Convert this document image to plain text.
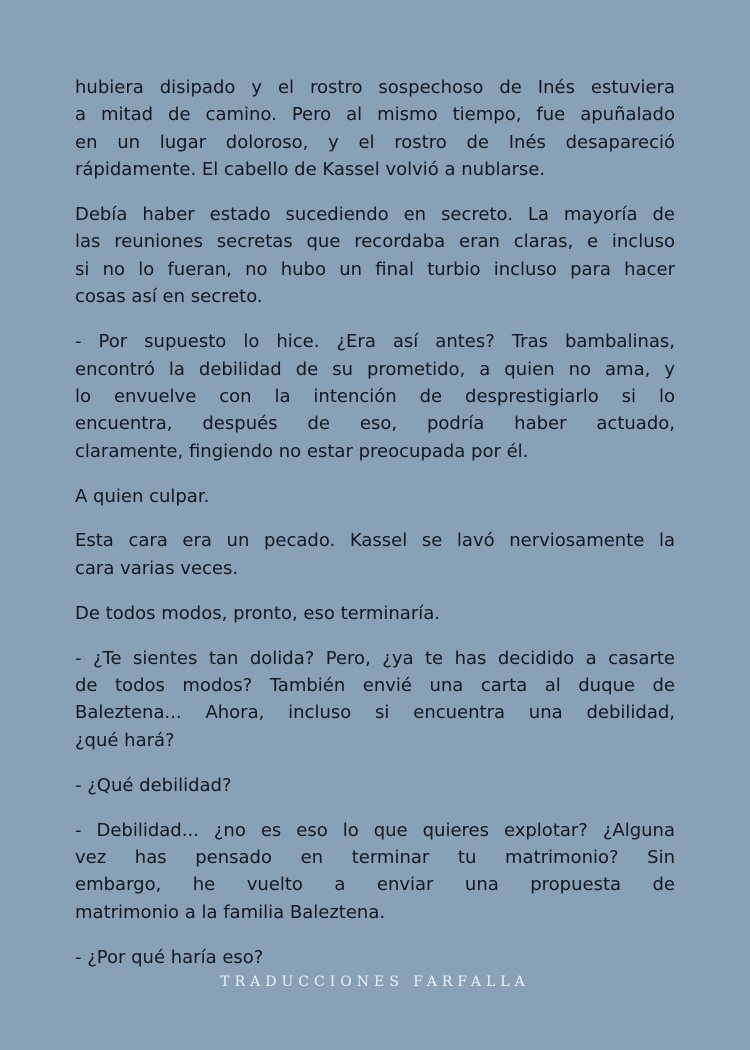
hubiera disipado y el rostro sospechoso de Inés estuviera
a mitad de camino. Pero al mismo tiempo, fue apuñalado
en un lugar doloroso, y el rostro de Inés desapareció
rápidamente. El cabello de Kassel volvió a nublarse.
Debía haber estado sucediendo en secreto. La mayoría de
las reuniones secretas que recordaba eran claras, e incluso
si no lo fueran, no hubo un final turbio incluso para hacer
cosas así en secreto.
- Por supuesto lo hice. ¿Era así antes? Tras bambalinas,
encontró la debilidad de su prometido, a quien no ama, y
lo envuelve con la intención de desprestigiarlo si lo
encuentra, después de eso, podría haber actuado,
claramente, fingiendo no estar preocupada por él.
A quien culpar.
Esta cara era un pecado. Kassel se lavó nerviosamente la
cara varias veces.
De todos modos, pronto, eso terminaría.
- ¿Te sientes tan dolida? Pero, ¿ya te has decidido a casarte
de todos modos? También envié una carta al duque de
Baleztena... Ahora, incluso si encuentra una debilidad,
¿qué hará?
- ¿Qué debilidad?
- Debilidad... ¿no es eso lo que quieres explotar? ¿Alguna
vez has pensado en terminar tu matrimonio? Sin
embargo, he vuelto a enviar una propuesta de
matrimonio a la familia Baleztena.
- ¿Por qué haría eso?
TRADUCCIONES FARFALLA
